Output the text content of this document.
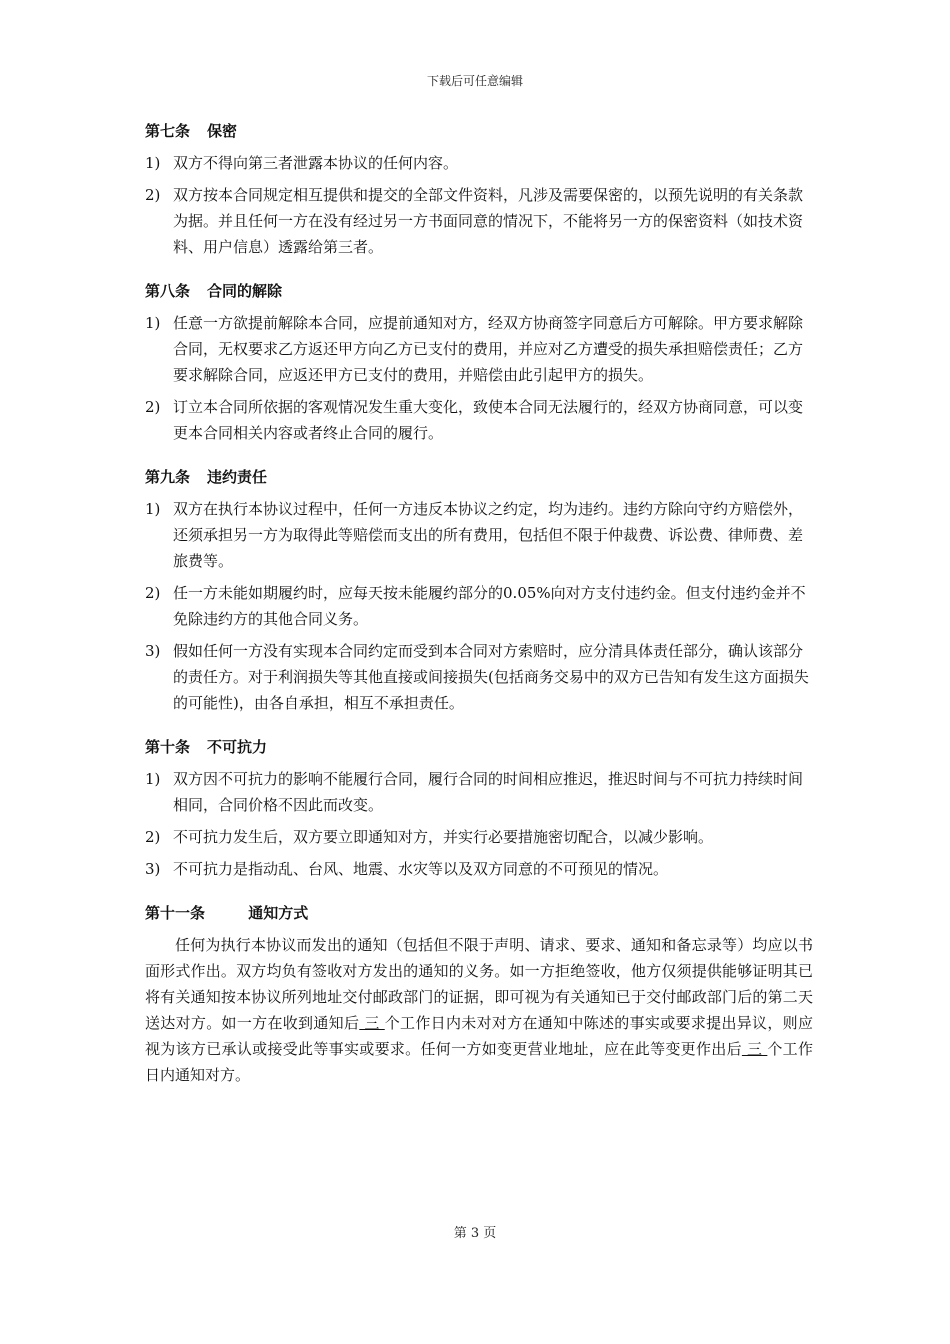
下载后可任意编辑
第七条 保密
1) 双方不得向第三者泄露本协议的任何内容。
2) 双方按本合同规定相互提供和提交的全部文件资料，凡涉及需要保密的，以预先说明的有关条款为据。并且任何一方在没有经过另一方书面同意的情况下，不能将另一方的保密资料（如技术资料、用户信息）透露给第三者。
第八条 合同的解除
1) 任意一方欲提前解除本合同，应提前通知对方，经双方协商签字同意后方可解除。甲方要求解除合同，无权要求乙方返还甲方向乙方已支付的费用，并应对乙方遭受的损失承担赔偿责任；乙方要求解除合同，应返还甲方已支付的费用，并赔偿由此引起甲方的损失。
2) 订立本合同所依据的客观情况发生重大变化，致使本合同无法履行的，经双方协商同意，可以变更本合同相关内容或者终止合同的履行。
第九条 违约责任
1) 双方在执行本协议过程中，任何一方违反本协议之约定，均为违约。违约方除向守约方赔偿外，还须承担另一方为取得此等赔偿而支出的所有费用，包括但不限于仲裁费、诉讼费、律师费、差旅费等。
2) 任一方未能如期履约时，应每天按未能履约部分的0.05%向对方支付违约金。但支付违约金并不免除违约方的其他合同义务。
3) 假如任何一方没有实现本合同约定而受到本合同对方索赔时，应分清具体责任部分，确认该部分的责任方。对于利润损失等其他直接或间接损失(包括商务交易中的双方已告知有发生这方面损失的可能性)，由各自承担，相互不承担责任。
第十条 不可抗力
1) 双方因不可抗力的影响不能履行合同，履行合同的时间相应推迟，推迟时间与不可抗力持续时间相同，合同价格不因此而改变。
2) 不可抗力发生后，双方要立即通知对方，并实行必要措施密切配合，以减少影响。
3) 不可抗力是指动乱、台风、地震、水灾等以及双方同意的不可预见的情况。
第十一条	通知方式
任何为执行本协议而发出的通知（包括但不限于声明、请求、要求、通知和备忘录等）均应以书面形式作出。双方均负有签收对方发出的通知的义务。如一方拒绝签收，他方仅须提供能够证明其已将有关通知按本协议所列地址交付邮政部门的证据，即可视为有关通知已于交付邮政部门后的第二天送达对方。如一方在收到通知后 三 个工作日内未对对方在通知中陈述的事实或要求提出异议，则应视为该方已承认或接受此等事实或要求。任何一方如变更营业地址，应在此等变更作出后 三 个工作日内通知对方。
第 3 页
